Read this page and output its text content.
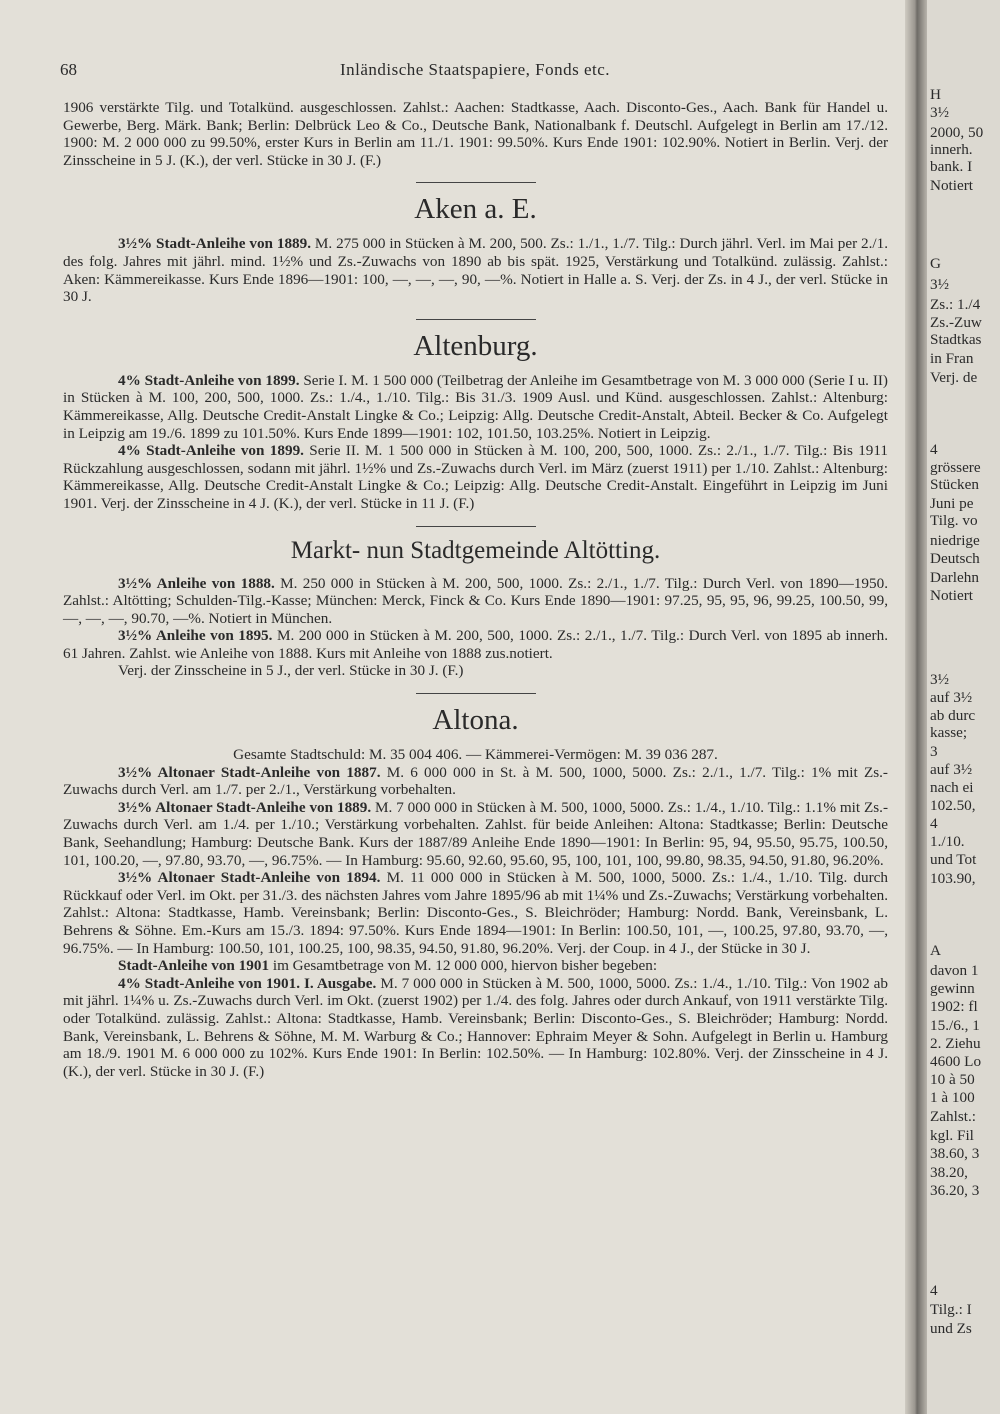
68	Inländische Staatspapiere, Fonds etc.

1906 verstärkte Tilg. und Totalkünd. ausgeschlossen. Zahlst.: Aachen: Stadtkasse, Aach. Disconto-Ges., Aach. Bank für Handel u. Gewerbe, Berg. Märk. Bank; Berlin: Delbrück Leo & Co., Deutsche Bank, Nationalbank f. Deutschl. Aufgelegt in Berlin am 17./12. 1900: M. 2 000 000 zu 99.50%, erster Kurs in Berlin am 11./1. 1901: 99.50%. Kurs Ende 1901: 102.90%. Notiert in Berlin. Verj. der Zinsscheine in 5 J. (K.), der verl. Stücke in 30 J. (F.)

Aken a. E.

3½% Stadt-Anleihe von 1889. M. 275 000 in Stücken à M. 200, 500. Zs.: 1./1., 1./7. Tilg.: Durch jährl. Verl. im Mai per 2./1. des folg. Jahres mit jährl. mind. 1½% und Zs.-Zuwachs von 1890 ab bis spät. 1925, Verstärkung und Totalkünd. zulässig. Zahlst.: Aken: Kämmereikasse. Kurs Ende 1896—1901: 100, —, —, —, 90, —%. Notiert in Halle a. S. Verj. der Zs. in 4 J., der verl. Stücke in 30 J.

Altenburg.

4% Stadt-Anleihe von 1899. Serie I. M. 1 500 000 (Teilbetrag der Anleihe im Gesamtbetrage von M. 3 000 000 (Serie I u. II) in Stücken à M. 100, 200, 500, 1000. Zs.: 1./4., 1./10. Tilg.: Bis 31./3. 1909 Ausl. und Künd. ausgeschlossen. Zahlst.: Altenburg: Kämmereikasse, Allg. Deutsche Credit-Anstalt Lingke & Co.; Leipzig: Allg. Deutsche Credit-Anstalt, Abteil. Becker & Co. Aufgelegt in Leipzig am 19./6. 1899 zu 101.50%. Kurs Ende 1899—1901: 102, 101.50, 103.25%. Notiert in Leipzig.

4% Stadt-Anleihe von 1899. Serie II. M. 1 500 000 in Stücken à M. 100, 200, 500, 1000. Zs.: 2./1., 1./7. Tilg.: Bis 1911 Rückzahlung ausgeschlossen, sodann mit jährl. 1½% und Zs.-Zuwachs durch Verl. im März (zuerst 1911) per 1./10. Zahlst.: Altenburg: Kämmereikasse, Allg. Deutsche Credit-Anstalt Lingke & Co.; Leipzig: Allg. Deutsche Credit-Anstalt. Eingeführt in Leipzig im Juni 1901. Verj. der Zinsscheine in 4 J. (K.), der verl. Stücke in 11 J. (F.)

Markt- nun Stadtgemeinde Altötting.

3½% Anleihe von 1888. M. 250 000 in Stücken à M. 200, 500, 1000. Zs.: 2./1., 1./7. Tilg.: Durch Verl. von 1890—1950. Zahlst.: Altötting; Schulden-Tilg.-Kasse; München: Merck, Finck & Co. Kurs Ende 1890—1901: 97.25, 95, 95, 96, 99.25, 100.50, 99, —, —, —, 90.70, —%. Notiert in München.

3½% Anleihe von 1895. M. 200 000 in Stücken à M. 200, 500, 1000. Zs.: 2./1., 1./7. Tilg.: Durch Verl. von 1895 ab innerh. 61 Jahren. Zahlst. wie Anleihe von 1888. Kurs mit Anleihe von 1888 zus.notiert.

Verj. der Zinsscheine in 5 J., der verl. Stücke in 30 J. (F.)

Altona.

Gesamte Stadtschuld: M. 35 004 406. — Kämmerei-Vermögen: M. 39 036 287.

3½% Altonaer Stadt-Anleihe von 1887. M. 6 000 000 in St. à M. 500, 1000, 5000. Zs.: 2./1., 1./7. Tilg.: 1% mit Zs.-Zuwachs durch Verl. am 1./7. per 2./1., Verstärkung vorbehalten.

3½% Altonaer Stadt-Anleihe von 1889. M. 7 000 000 in Stücken à M. 500, 1000, 5000. Zs.: 1./4., 1./10. Tilg.: 1.1% mit Zs.-Zuwachs durch Verl. am 1./4. per 1./10.; Verstärkung vorbehalten. Zahlst. für beide Anleihen: Altona: Stadtkasse; Berlin: Deutsche Bank, Seehandlung; Hamburg: Deutsche Bank. Kurs der 1887/89 Anleihe Ende 1890—1901: In Berlin: 95, 94, 95.50, 95.75, 100.50, 101, 100.20, —, 97.80, 93.70, —, 96.75%. — In Hamburg: 95.60, 92.60, 95.60, 95, 100, 101, 100, 99.80, 98.35, 94.50, 91.80, 96.20%.

3½% Altonaer Stadt-Anleihe von 1894. M. 11 000 000 in Stücken à M. 500, 1000, 5000. Zs.: 1./4., 1./10. Tilg. durch Rückkauf oder Verl. im Okt. per 31./3. des nächsten Jahres vom Jahre 1895/96 ab mit 1¼% und Zs.-Zuwachs; Verstärkung vorbehalten. Zahlst.: Altona: Stadtkasse, Hamb. Vereinsbank; Berlin: Disconto-Ges., S. Bleichröder; Hamburg: Nordd. Bank, Vereinsbank, L. Behrens & Söhne. Em.-Kurs am 15./3. 1894: 97.50%. Kurs Ende 1894—1901: In Berlin: 100.50, 101, —, 100.25, 97.80, 93.70, —, 96.75%. — In Hamburg: 100.50, 101, 100.25, 100, 98.35, 94.50, 91.80, 96.20%. Verj. der Coup. in 4 J., der Stücke in 30 J.

Stadt-Anleihe von 1901 im Gesamtbetrage von M. 12 000 000, hiervon bisher begeben:

4% Stadt-Anleihe von 1901. I. Ausgabe. M. 7 000 000 in Stücken à M. 500, 1000, 5000. Zs.: 1./4., 1./10. Tilg.: Von 1902 ab mit jährl. 1¼% u. Zs.-Zuwachs durch Verl. im Okt. (zuerst 1902) per 1./4. des folg. Jahres oder durch Ankauf, von 1911 verstärkte Tilg. oder Totalkünd. zulässig. Zahlst.: Altona: Stadtkasse, Hamb. Vereinsbank; Berlin: Disconto-Ges., S. Bleichröder; Hamburg: Nordd. Bank, Vereinsbank, L. Behrens & Söhne, M. M. Warburg & Co.; Hannover: Ephraim Meyer & Sohn. Aufgelegt in Berlin u. Hamburg am 18./9. 1901 M. 6 000 000 zu 102%. Kurs Ende 1901: In Berlin: 102.50%. — In Hamburg: 102.80%. Verj. der Zinsscheine in 4 J. (K.), der verl. Stücke in 30 J. (F.)

H
3½
2000, 50
innerh.
bank. I
Notiert
G
3½
Zs.: 1./4
Zs.-Zuw
Stadtkas
in Fran
Verj. de
4
grössere
Stücken
Juni pe
Tilg. vo
niedrige
Deutsch
Darlehn
Notiert
3½
auf 3½
ab durc
kasse;
3
auf 3½
nach ei
102.50,
4
1./10.
und Tot
103.90,
A
davon 1
gewinn
1902: fl
15./6., 1
2. Ziehu
4600 Lo
10 à 50
1 à 100
Zahlst.:
kgl. Fil
38.60, 3
38.20,
36.20, 3
4
Tilg.: I
und Zs
